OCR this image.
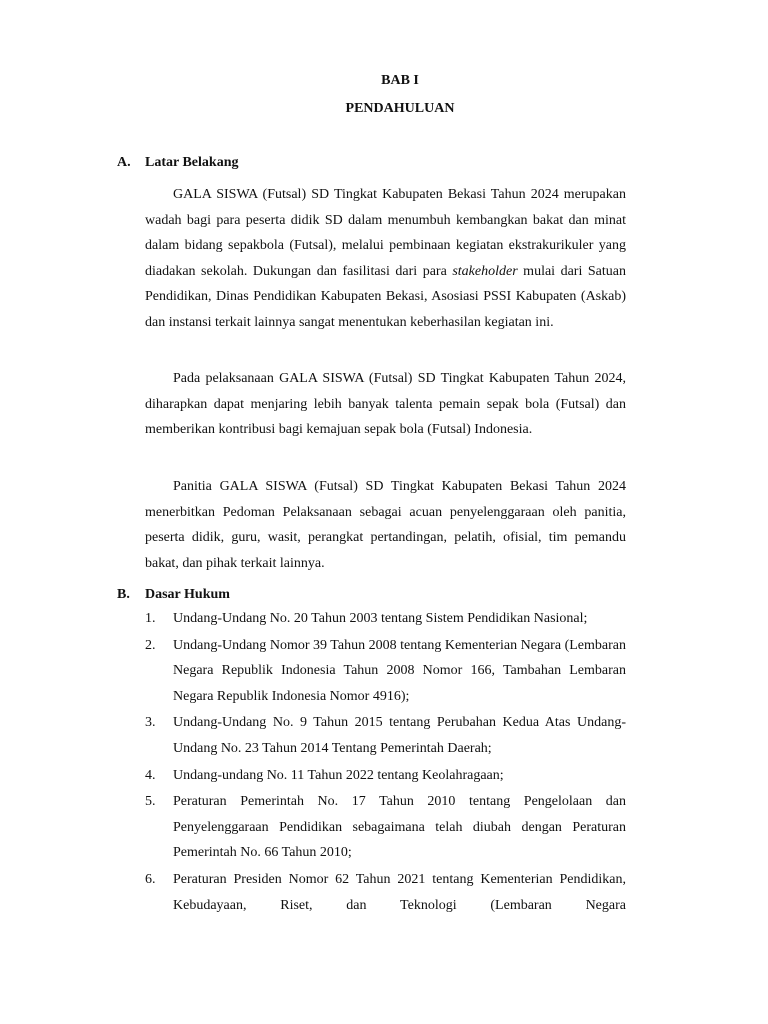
BAB I
PENDAHULUAN
A. Latar Belakang

GALA SISWA (Futsal) SD Tingkat Kabupaten Bekasi Tahun 2024 merupakan wadah bagi para peserta didik SD dalam menumbuh kembangkan bakat dan minat dalam bidang sepakbola (Futsal), melalui pembinaan kegiatan ekstrakurikuler yang diadakan sekolah. Dukungan dan fasilitasi dari para stakeholder mulai dari Satuan Pendidikan, Dinas Pendidikan Kabupaten Bekasi, Asosiasi PSSI Kabupaten (Askab) dan instansi terkait lainnya sangat menentukan keberhasilan kegiatan ini.

Pada pelaksanaan GALA SISWA (Futsal) SD Tingkat Kabupaten Tahun 2024, diharapkan dapat menjaring lebih banyak talenta pemain sepak bola (Futsal) dan memberikan kontribusi bagi kemajuan sepak bola (Futsal) Indonesia.

Panitia GALA SISWA (Futsal) SD Tingkat Kabupaten Bekasi Tahun 2024   menerbitkan Pedoman Pelaksanaan sebagai acuan penyelenggaraan oleh panitia, peserta didik, guru, wasit, perangkat pertandingan, pelatih, ofisial, tim pemandu bakat, dan pihak terkait lainnya.

B. Dasar Hukum
1. Undang-Undang No. 20 Tahun 2003 tentang Sistem Pendidikan Nasional;
2. Undang-Undang Nomor 39 Tahun 2008 tentang Kementerian Negara (Lembaran Negara Republik Indonesia Tahun 2008 Nomor 166, Tambahan Lembaran Negara Republik Indonesia Nomor 4916);
3. Undang-Undang No. 9 Tahun 2015 tentang Perubahan Kedua Atas Undang-Undang No. 23 Tahun 2014 Tentang Pemerintah Daerah;
4. Undang-undang No. 11 Tahun 2022 tentang Keolahragaan;
5. Peraturan Pemerintah No. 17 Tahun 2010 tentang Pengelolaan dan Penyelenggaraan Pendidikan sebagaimana telah diubah dengan Peraturan Pemerintah No. 66 Tahun 2010;
6. Peraturan Presiden Nomor 62 Tahun 2021 tentang Kementerian Pendidikan, Kebudayaan, Riset, dan Teknologi (Lembaran Negara
